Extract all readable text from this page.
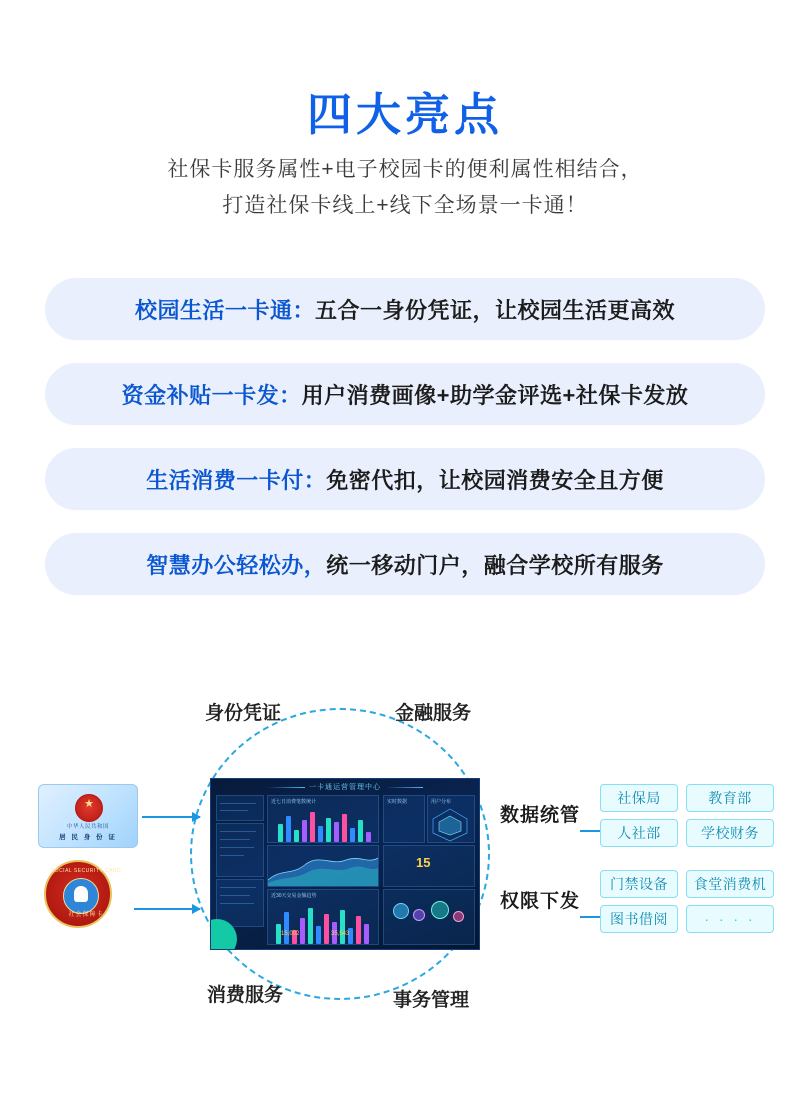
四大亮点
社保卡服务属性+电子校园卡的便利属性相结合，
打造社保卡线上+线下全场景一卡通！
校园生活一卡通： 五合一身份凭证，让校园生活更高效
资金补贴一卡发： 用户消费画像+助学金评选+社保卡发放
生活消费一卡付： 免密代扣，让校园消费安全且方便
智慧办公轻松办， 统一移动门户，融合学校所有服务
身份凭证	金融服务
消费服务	事务管理
一卡通运营管理中心
近七日消费笔数统计
近30天交易金额趋势
实时数据	用户分布
15
15,002	35,543
★
中华人民共和国
居 民 身 份 证
SOCIAL SECURITY CARD
社会保障卡
数据统管
权限下发
社保局	教育部
人社部	学校财务
门禁设备	食堂消费机
图书借阅	· · · ·
